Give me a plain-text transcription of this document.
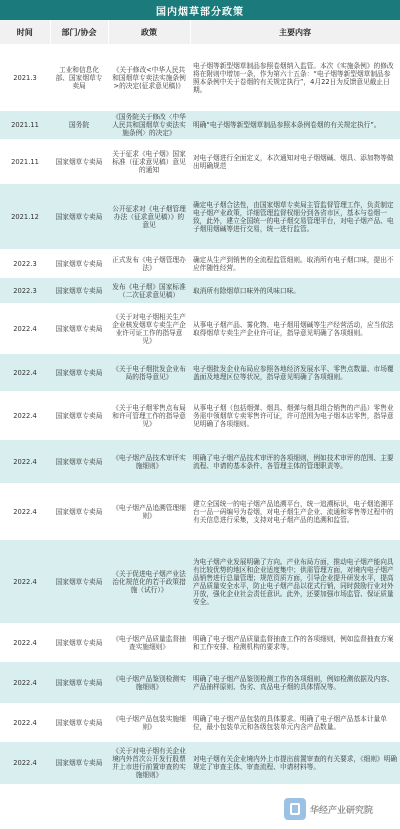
国内烟草部分政策
时间	部门/协会	政策	主要内容
2021.3	工业和信息化部、国家烟草专卖局	《关于修改<中华人民共和国烟草专卖法实施条例>的决定(征求意见稿)》	电子烟等新型烟草制品参照卷烟纳入监管。本次《实施条例》的修改将在附则中增加一条，作为第六十五条：“电子烟等新型烟草制品参照本条例中关于卷烟的有关规定执行”，4月22日为反馈意见截止日期。
2021.11	国务院	《国务院关于修改〈中华人民共和国烟草专卖法实施条例〉的决定》	明确“电子烟等新型烟草制品参照本条例卷烟的有关规定执行”。
2021.11	国家烟草专卖局	关于征求《电子烟》国家标准（征求意见稿）意见的通知	对电子烟进行全面定义，本次通知对电子烟烟碱、烟具、添加物等做出明确规范
2021.12	国家烟草专卖局	公开征求对《电子烟管理办法（征求意见稿）》的意见	确定电子烟合法性，由国家烟草专卖局主管监督管理工作，负责制定电子烟产业政策，详细管理监督权细分到各省市区，基本与卷烟一致，此外，建立全国统一的电子烟交易管理平台，对电子烟产品、电子烟用烟碱等进行交易，统一进行监管。
2022.3	国家烟草专卖局	正式发布《电子烟管理办法》	确定从生产到销售的全流程监管细则。取消所有电子烟口味，提出不应伴随性经营。
2022.3	国家烟草专卖局	发布《电子烟》国家标准（二次征求意见稿）	取消所有除烟草口味外的风味口味。
2022.4	国家烟草专卖局	《关于对电子烟相关生产企业核发烟草专卖生产企业许可证工作的指导意见》	从事电子烟产品、雾化物、电子烟用烟碱等生产经营活动，应当依法取得烟草专卖生产企业许可证，指导意见明确了各项细则。
2022.4	国家烟草专卖局	《关于电子烟批发企业布局的指导意见》	电子烟批发企业布局应参照各地经济发展水平、零售点数量、市场覆盖面及地理区位等状况，指导意见明确了各项细则。
2022.4	国家烟草专卖局	《关于电子烟零售点布局和许可管理工作的指导意见》	从事电子烟（包括烟弹、烟具、烟弹与烟具组合销售的产品）零售业务需申领烟草专卖零售许可证，许可范围为电子烟本店零售，指导意见明确了各项细则。
2022.4	国家烟草专卖局	《电子烟产品技术审评实施细则》	明确了电子烟产品技术审评的各项细则，例如技术审评的范围、主要流程、申请的基本条件、各管理主体的管理职责等。
2022.4	国家烟草专卖局	《电子烟产品追溯管理细则》	建立全国统一的电子烟产品追溯平台，统一追溯标识，电子烟追溯平台一品一码编号为卷烟，对电子烟生产企业、流通和零售等过程中的有关信息进行采集，支持对电子烟产品的追溯和监管。
2022.4	国家烟草专卖局	《关于促进电子烟产业法治化规范化的若干政策措施（试行）》	为电子烟产业发展明确了方向。产业布局方面，推动电子烟产能向具有比较优势的地区和企业适度集中；供需管理方面，对境内电子烟产品销售进行总量管理；规范资质方面，引导企业提升研发水平，提高产品质量安全水平，防止电子烟产品以花式行销，同时鼓励行业对外开放，强化企业社会责任意识。此外，还要加强市场监管、保证质量安全。
2022.4	国家烟草专卖局	《电子烟产品质量监督抽查实施细则》	明确了电子烟产品质量监督抽查工作的各项细则，例如监督抽查方案和工作安排、检测机构的要求等。
2022.4	国家烟草专卖局	《电子烟产品鉴别检测实施细则》	明确了电子烟产品鉴别检测工作的各项细则，例如检测依据及内容、产品抽样原则、伪劣、真品电子烟的具体情况等。
2022.4	国家烟草专卖局	《电子烟产品包装实施细则》	明确了电子烟产品包装的具体要求。明确了电子烟产品基本计量单位，最小包装单元和各级包装单元内含产品数量。
2022.4	国家烟草专卖局	《关于对电子烟有关企业境内外首次公开发行股票并上市进行前置审查的实施细则》	对电子烟有关企业境内外上市提出前置审查的有关要求，《细则》明确规定了审查主体、审查流程、申请材料等。
华经产业研究院
